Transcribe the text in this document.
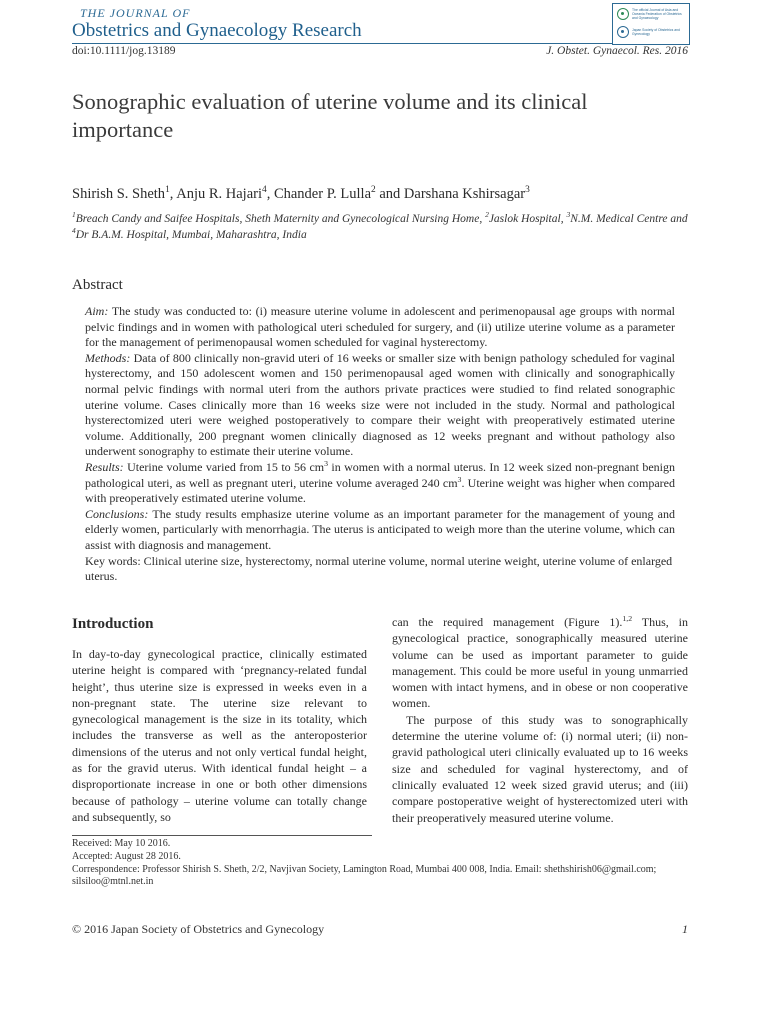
THE JOURNAL OF
Obstetrics and Gynaecology Research
The official Journal of Asia and Oceania Federation of Obstetrics and Gynaecology
Japan Society of Obstetrics and Gynecology
doi:10.1111/jog.13189	J. Obstet. Gynaecol. Res. 2016
Sonographic evaluation of uterine volume and its clinical importance
Shirish S. Sheth$^1$, Anju R. Hajari$^4$, Chander P. Lulla$^2$ and Darshana Kshirsagar$^3$
$^1$Breach Candy and Saifee Hospitals, Sheth Maternity and Gynecological Nursing Home, $^2$Jaslok Hospital, $^3$N.M. Medical Centre and
$^4$Dr B.A.M. Hospital, Mumbai, Maharashtra, India
Abstract

Aim: The study was conducted to: (i) measure uterine volume in adolescent and perimenopausal age groups with normal pelvic findings and in women with pathological uteri scheduled for surgery, and (ii) utilize uterine volume as a parameter for the management of perimenopausal women scheduled for vaginal hysterectomy.

Methods: Data of 800 clinically non-gravid uteri of 16 weeks or smaller size with benign pathology scheduled for vaginal hysterectomy, and 150 adolescent women and 150 perimenopausal aged women with clinically and sonographically normal pelvic findings with normal uteri from the authors private practices were studied to find related sonographic uterine volume. Cases clinically more than 16 weeks size were not included in the study. Normal and pathological hysterectomized uteri were weighed postoperatively to compare their weight with preoperatively estimated uterine volume. Additionally, 200 pregnant women clinically diagnosed as 12 weeks pregnant and without pathology also underwent sonography to estimate their uterine volume.

Results: Uterine volume varied from 15 to 56 $cm^3$ in women with a normal uterus. In 12 week sized non-pregnant benign pathological uteri, as well as pregnant uteri, uterine volume averaged 240 $cm^3$. Uterine weight was higher when compared with preoperatively estimated uterine volume.

Conclusions: The study results emphasize uterine volume as an important parameter for the management of young and elderly women, particularly with menorrhagia. The uterus is anticipated to weigh more than the uterine volume, which can assist with diagnosis and management.

Key words: Clinical uterine size, hysterectomy, normal uterine volume, normal uterine weight, uterine volume of enlarged uterus.

Introduction

In day-to-day gynecological practice, clinically estimated uterine height is compared with ‘pregnancy-related fundal height’, thus uterine size is expressed in weeks even in a non-pregnant state. The uterine size relevant to gynecological management is the size in its totality, which includes the transverse as well as the anteroposterior dimensions of the uterus and not only vertical fundal height, as for the gravid uterus. With identical fundal height – a disproportionate increase in one or both other dimensions because of pathology – uterine volume can totally change and subsequently, so

can the required management (Figure 1).$^{1,2}$ Thus, in gynecological practice, sonographically measured uterine volume can be used as important parameter to guide management. This could be more useful in young unmarried women with intact hymens, and in obese or non cooperative women.

The purpose of this study was to sonographically determine the uterine volume of: (i) normal uteri; (ii) non-gravid pathological uteri clinically evaluated up to 16 weeks size and scheduled for vaginal hysterectomy, and of clinically evaluated 12 week sized gravid uterus; and (iii) compare postoperative weight of hysterectomized uteri with their preoperatively measured uterine volume.

Received: May 10 2016.
Accepted: August 28 2016.
Correspondence: Professor Shirish S. Sheth, 2/2, Navjivan Society, Lamington Road, Mumbai 400 008, India. Email: shethshirish06@gmail.com; silsiloo@mtnl.net.in
© 2016 Japan Society of Obstetrics and Gynecology	1
